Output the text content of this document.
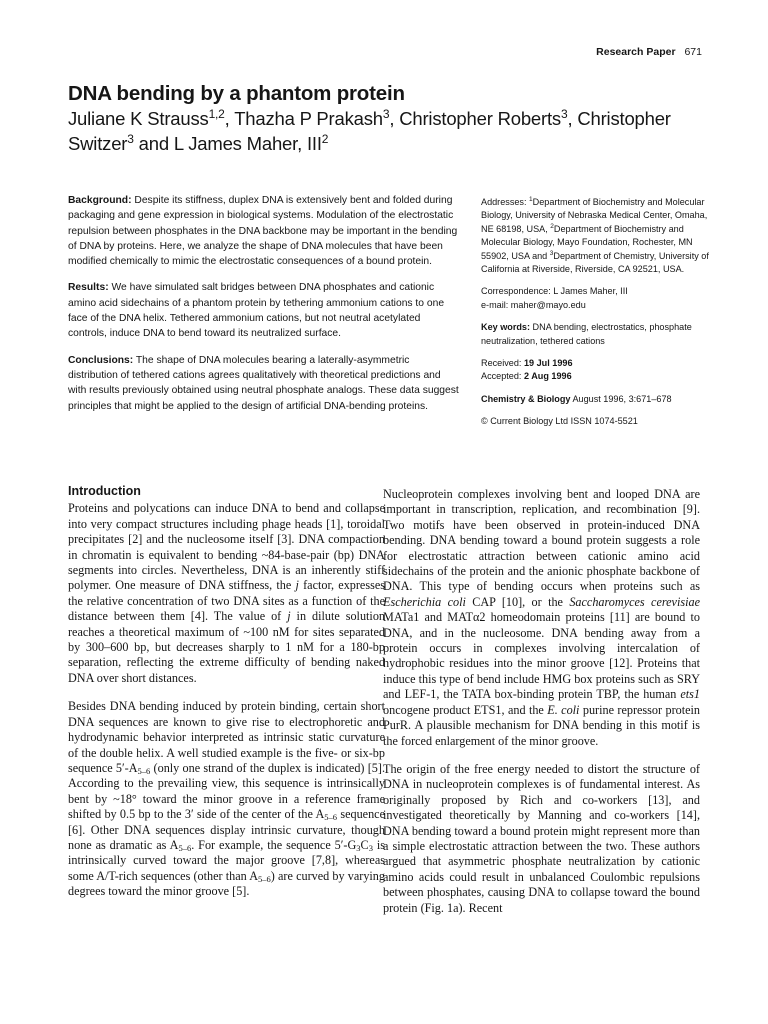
Research Paper 671
DNA bending by a phantom protein

Juliane K Strauss$^{1,2}$, Thazha P Prakash$^3$, Christopher Roberts$^3$, Christopher Switzer$^3$ and L James Maher, III$^2$

Background: Despite its stiffness, duplex DNA is extensively bent and folded during packaging and gene expression in biological systems. Modulation of the electrostatic repulsion between phosphates in the DNA backbone may be important in the bending of DNA by proteins. Here, we analyze the shape of DNA molecules that have been modified chemically to mimic the electrostatic consequences of a bound protein.

Results: We have simulated salt bridges between DNA phosphates and cationic amino acid sidechains of a phantom protein by tethering ammonium cations to one face of the DNA helix. Tethered ammonium cations, but not neutral acetylated controls, induce DNA to bend toward its neutralized surface.

Conclusions: The shape of DNA molecules bearing a laterally-asymmetric distribution of tethered cations agrees qualitatively with theoretical predictions and with results previously obtained using neutral phosphate analogs. These data suggest principles that might be applied to the design of artificial DNA-bending proteins.

Addresses: $^1$Department of Biochemistry and Molecular Biology, University of Nebraska Medical Center, Omaha, NE 68198, USA, $^2$Department of Biochemistry and Molecular Biology, Mayo Foundation, Rochester, MN 55902, USA and $^3$Department of Chemistry, University of California at Riverside, Riverside, CA 92521, USA.

Correspondence: L James Maher, III
e-mail: maher@mayo.edu

Key words: DNA bending, electrostatics, phosphate neutralization, tethered cations

Received: 19 Jul 1996
Accepted: 2 Aug 1996

Chemistry & Biology August 1996, 3:671–678

© Current Biology Ltd ISSN 1074-5521

Introduction

Proteins and polycations can induce DNA to bend and collapse into very compact structures including phage heads [1], toroidal precipitates [2] and the nucleosome itself [3]. DNA compaction in chromatin is equivalent to bending ~84-base-pair (bp) DNA segments into circles. Nevertheless, DNA is an inherently stiff polymer. One measure of DNA stiffness, the j factor, expresses the relative concentration of two DNA sites as a function of the distance between them [4]. The value of j in dilute solution reaches a theoretical maximum of ~100 nM for sites separated by 300–600 bp, but decreases sharply to 1 nM for a 180-bp separation, reflecting the extreme difficulty of bending naked DNA over short distances.

Besides DNA bending induced by protein binding, certain short DNA sequences are known to give rise to electrophoretic and hydrodynamic behavior interpreted as intrinsic static curvature of the double helix. A well studied example is the five- or six-bp sequence $5'-A_{5-6}$ (only one strand of the duplex is indicated) [5]. According to the prevailing view, this sequence is intrinsically bent by ~18° toward the minor groove in a reference frame shifted by 0.5 bp to the 3′ side of the center of the $A_{5-6}$ sequence [6]. Other DNA sequences display intrinsic curvature, though none as dramatic as $A_{5-6}$. For example, the sequence $5'-G_3C_3$ is intrinsically curved toward the major groove [7,8], whereas some A/T-rich sequences (other than $A_{5-6}$) are curved by varying degrees toward the minor groove [5].

Nucleoprotein complexes involving bent and looped DNA are important in transcription, replication, and recombination [9]. Two motifs have been observed in protein-induced DNA bending. DNA bending toward a bound protein suggests a role for electrostatic attraction between cationic amino acid sidechains of the protein and the anionic phosphate backbone of DNA. This type of bending occurs when proteins such as Escherichia coli CAP [10], or the Saccharomyces cerevisiae MATa1 and MATα2 homeodomain proteins [11] are bound to DNA, and in the nucleosome. DNA bending away from a protein occurs in complexes involving intercalation of hydrophobic residues into the minor groove [12]. Proteins that induce this type of bend include HMG box proteins such as SRY and LEF-1, the TATA box-binding protein TBP, the human ets1 oncogene product ETS1, and the E. coli purine repressor protein PurR. A plausible mechanism for DNA bending in this motif is the forced enlargement of the minor groove.

The origin of the free energy needed to distort the structure of DNA in nucleoprotein complexes is of fundamental interest. As originally proposed by Rich and co-workers [13], and investigated theoretically by Manning and co-workers [14], DNA bending toward a bound protein might represent more than a simple electrostatic attraction between the two. These authors argued that asymmetric phosphate neutralization by cationic amino acids could result in unbalanced Coulombic repulsions between phosphates, causing DNA to collapse toward the bound protein (Fig. 1a). Recent
